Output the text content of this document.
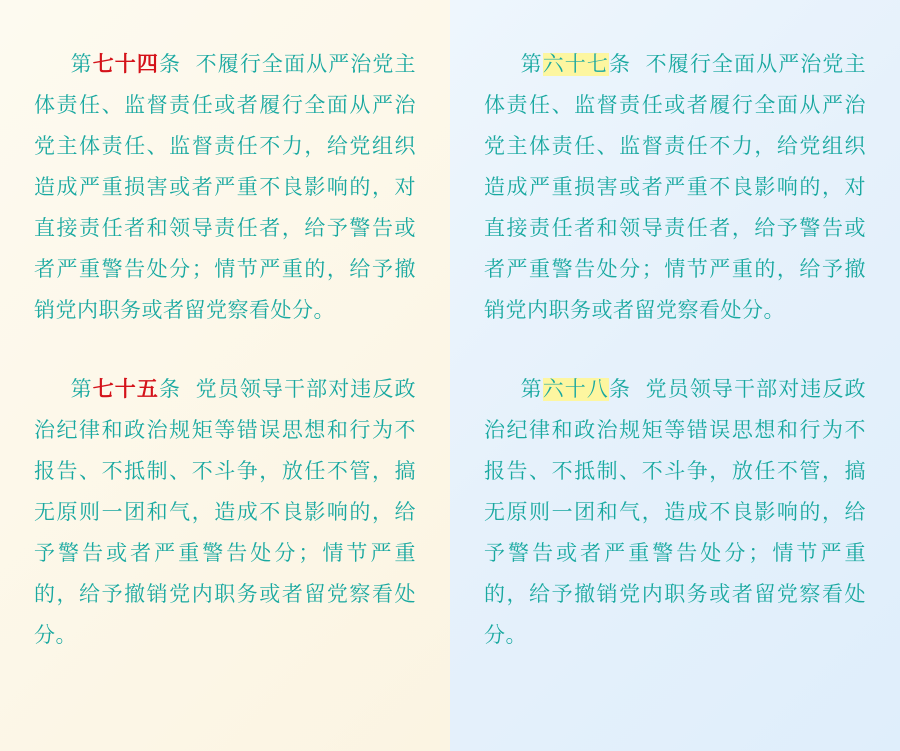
第七十四条 不履行全面从严治党主体责任、监督责任或者履行全面从严治党主体责任、监督责任不力，给党组织造成严重损害或者严重不良影响的，对直接责任者和领导责任者，给予警告或者严重警告处分；情节严重的，给予撤销党内职务或者留党察看处分。

第七十五条 党员领导干部对违反政治纪律和政治规矩等错误思想和行为不报告、不抵制、不斗争，放任不管，搞无原则一团和气，造成不良影响的，给予警告或者严重警告处分；情节严重的，给予撤销党内职务或者留党察看处分。

第六十七条 不履行全面从严治党主体责任、监督责任或者履行全面从严治党主体责任、监督责任不力，给党组织造成严重损害或者严重不良影响的，对直接责任者和领导责任者，给予警告或者严重警告处分；情节严重的，给予撤销党内职务或者留党察看处分。

第六十八条 党员领导干部对违反政治纪律和政治规矩等错误思想和行为不报告、不抵制、不斗争，放任不管，搞无原则一团和气，造成不良影响的，给予警告或者严重警告处分；情节严重的，给予撤销党内职务或者留党察看处分。
